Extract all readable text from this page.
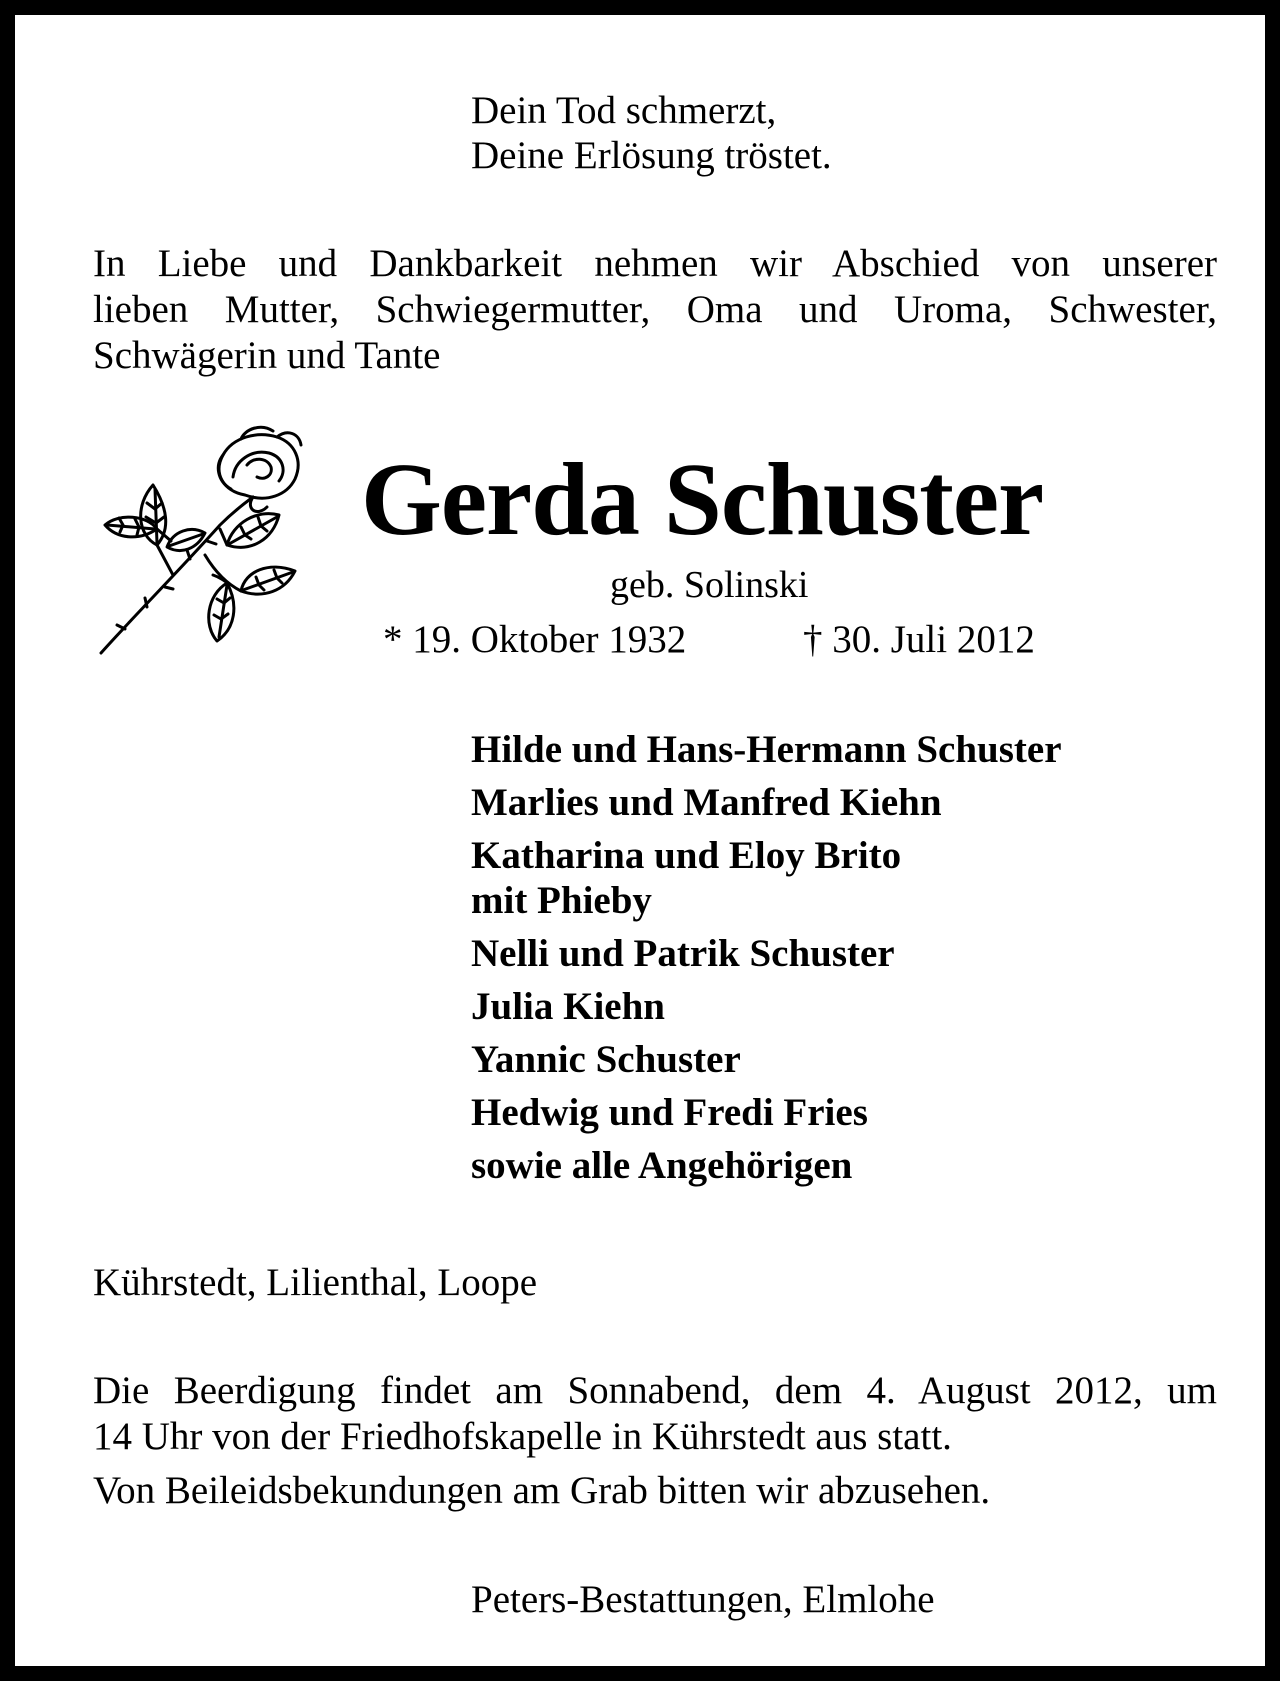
Dein Tod schmerzt,
Deine Erlösung tröstet.
In Liebe und Dankbarkeit nehmen wir Abschied von unserer
lieben Mutter, Schwiegermutter, Oma und Uroma, Schwester,
Schwägerin und Tante
Gerda Schuster
geb. Solinski
* 19. Oktober 1932	† 30. Juli 2012
Hilde und Hans-Hermann Schuster
Marlies und Manfred Kiehn
Katharina und Eloy Brito
mit Phieby
Nelli und Patrik Schuster
Julia Kiehn
Yannic Schuster
Hedwig und Fredi Fries
sowie alle Angehörigen
Kührstedt, Lilienthal, Loope
Die Beerdigung findet am Sonnabend, dem 4. August 2012, um
14 Uhr von der Friedhofskapelle in Kührstedt aus statt.
Von Beileidsbekundungen am Grab bitten wir abzusehen.
Peters-Bestattungen, Elmlohe
